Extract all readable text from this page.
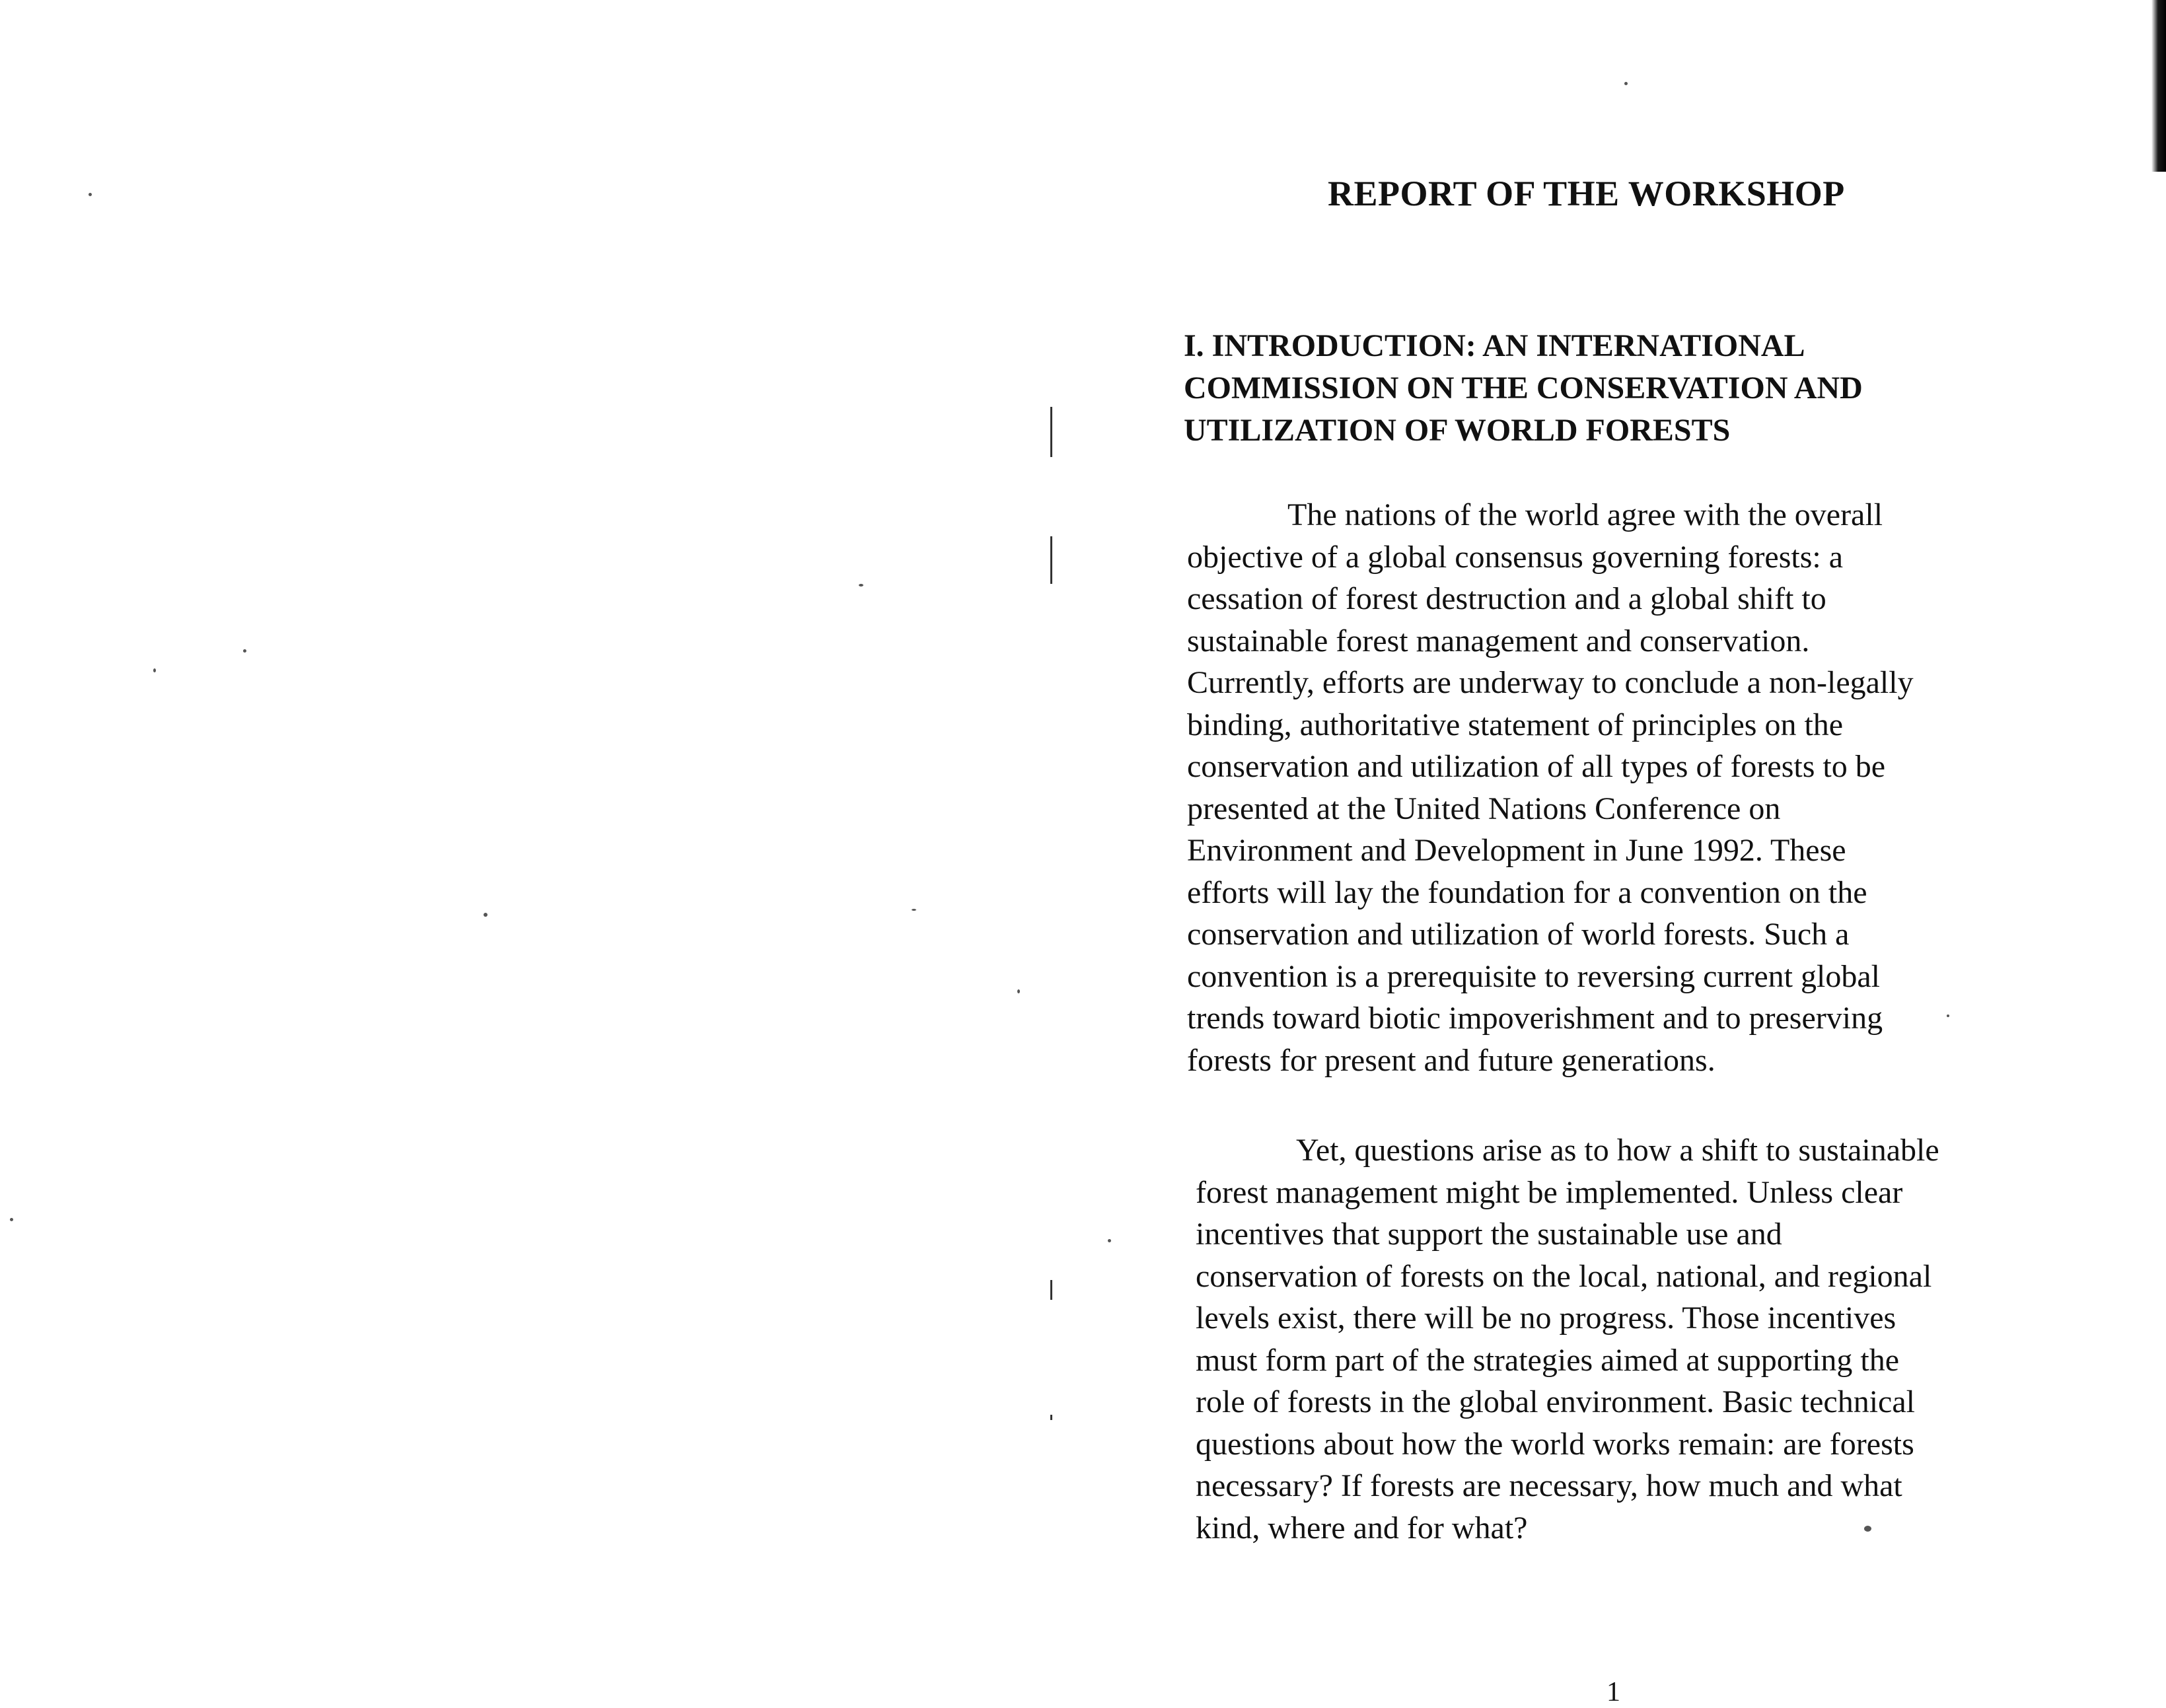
REPORT OF THE WORKSHOP
I. INTRODUCTION: AN INTERNATIONAL
COMMISSION ON THE CONSERVATION AND
UTILIZATION OF WORLD FORESTS
The nations of the world agree with the overall
objective of a global consensus governing forests: a
cessation of forest destruction and a global shift to
sustainable forest management and conservation.
Currently, efforts are underway to conclude a non-legally
binding, authoritative statement of principles on the
conservation and utilization of all types of forests to be
presented at the United Nations Conference on
Environment and Development in June 1992. These
efforts will lay the foundation for a convention on the
conservation and utilization of world forests. Such a
convention is a prerequisite to reversing current global
trends toward biotic impoverishment and to preserving
forests for present and future generations.
Yet, questions arise as to how a shift to sustainable
forest management might be implemented. Unless clear
incentives that support the sustainable use and
conservation of forests on the local, national, and regional
levels exist, there will be no progress. Those incentives
must form part of the strategies aimed at supporting the
role of forests in the global environment. Basic technical
questions about how the world works remain: are forests
necessary? If forests are necessary, how much and what
kind, where and for what?
1
